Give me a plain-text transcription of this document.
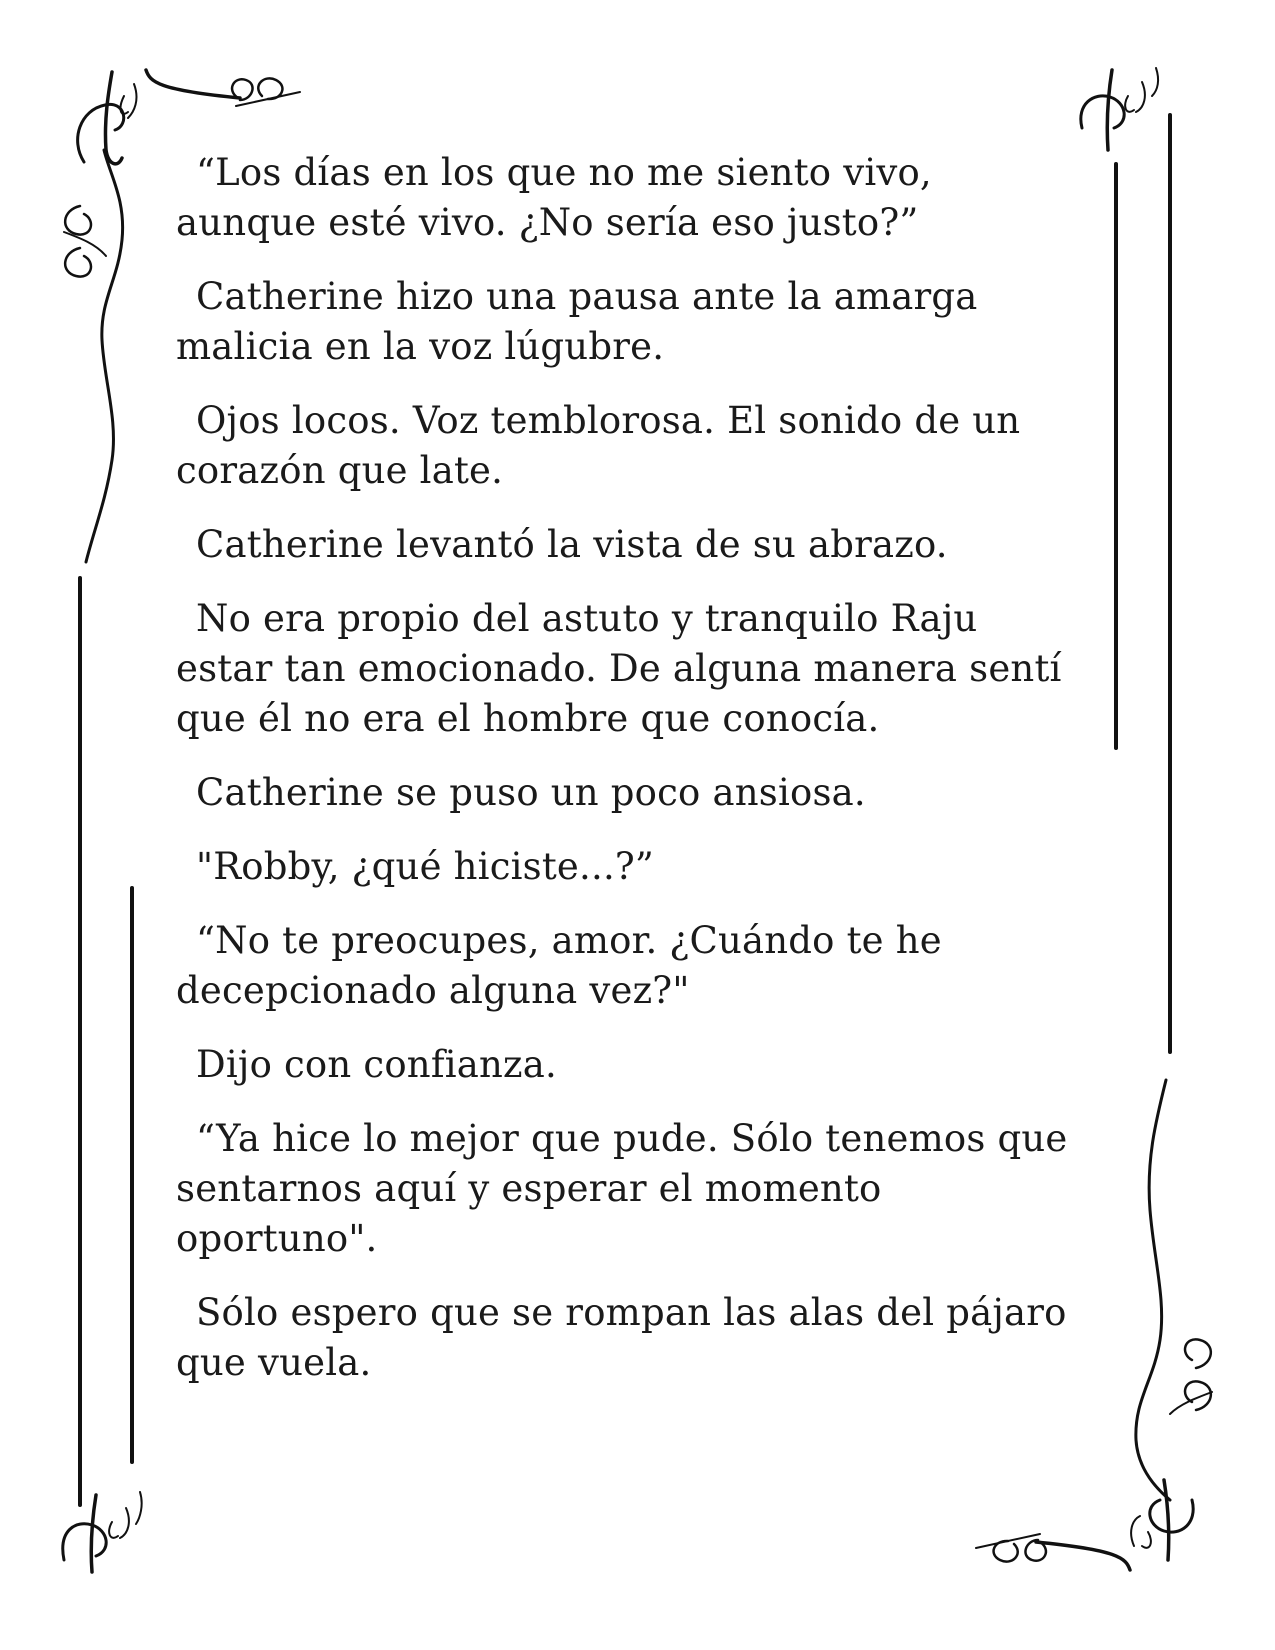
“Los días en los que no me siento vivo,
aunque esté vivo. ¿No sería eso justo?”

Catherine hizo una pausa ante la amarga
malicia en la voz lúgubre.

Ojos locos. Voz temblorosa. El sonido de un
corazón que late.

Catherine levantó la vista de su abrazo.

No era propio del astuto y tranquilo Raju
estar tan emocionado. De alguna manera sentí
que él no era el hombre que conocía.

Catherine se puso un poco ansiosa.

"Robby, ¿qué hiciste...?”

“No te preocupes, amor. ¿Cuándo te he
decepcionado alguna vez?"

Dijo con confianza.

“Ya hice lo mejor que pude. Sólo tenemos que
sentarnos aquí y esperar el momento
oportuno".

Sólo espero que se rompan las alas del pájaro
que vuela.
